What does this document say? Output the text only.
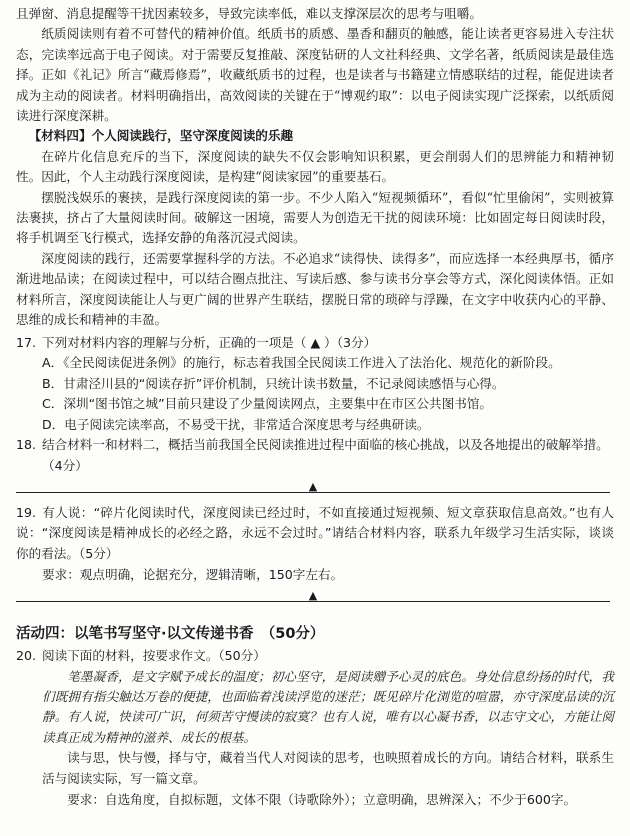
且弹窗、消息提醒等干扰因素较多，导致完读率低，难以支撑深层次的思考与咀嚼。

纸质阅读则有着不可替代的精神价值。纸质书的质感、墨香和翻页的触感，能让读者更容易进入专注状态，完读率远高于电子阅读。对于需要反复推敲、深度钻研的人文社科经典、文学名著，纸质阅读是最佳选择。正如《礼记》所言“藏焉修焉”，收藏纸质书的过程，也是读者与书籍建立情感联结的过程，能促进读者成为主动的阅读者。材料明确指出，高效阅读的关键在于“博观约取”：以电子阅读实现广泛探索，以纸质阅读进行深度深耕。

【材料四】个人阅读践行，坚守深度阅读的乐趣

在碎片化信息充斥的当下，深度阅读的缺失不仅会影响知识积累，更会削弱人们的思辨能力和精神韧性。因此，个人主动践行深度阅读，是构建“阅读家园”的重要基石。

摆脱浅娱乐的裹挟，是践行深度阅读的第一步。不少人陷入“短视频循环”，看似“忙里偷闲”，实则被算法裹挟，挤占了大量阅读时间。破解这一困境，需要人为创造无干扰的阅读环境：比如固定每日阅读时段，将手机调至飞行模式，选择安静的角落沉浸式阅读。

深度阅读的践行，还需要掌握科学的方法。不必追求“读得快、读得多”，而应选择一本经典厚书，循序渐进地品读；在阅读过程中，可以结合圈点批注、写读后感、参与读书分享会等方式，深化阅读体悟。正如材料所言，深度阅读能让人与更广阔的世界产生联结，摆脱日常的琐碎与浮躁，在文字中收获内心的平静、思维的成长和精神的丰盈。

17. 下列对材料内容的理解与分析，正确的一项是（ ▲ ）（3分）

A．《全民阅读促进条例》的施行，标志着我国全民阅读工作进入了法治化、规范化的新阶段。

B．甘肃泾川县的“阅读存折”评价机制，只统计读书数量，不记录阅读感悟与心得。

C．深圳“图书馆之城”目前只建设了少量阅读网点，主要集中在市区公共图书馆。

D．电子阅读完读率高，不易受干扰，非常适合深度思考与经典研读。

18. 结合材料一和材料二，概括当前我国全民阅读推进过程中面临的核心挑战，以及各地提出的破解举措。

（4分）

▲

19. 有人说：“碎片化阅读时代，深度阅读已经过时，不如直接通过短视频、短文章获取信息高效。”也有人说：“深度阅读是精神成长的必经之路，永远不会过时。”请结合材料内容，联系九年级学习生活实际，谈谈你的看法。（5分）

要求：观点明确，论据充分，逻辑清晰，150字左右。

▲

活动四：以笔书写坚守·以文传递书香　（50分）

20. 阅读下面的材料，按要求作文。（50分）

笔墨凝香，是文字赋予成长的温度；初心坚守，是阅读赠予心灵的底色。身处信息纷扬的时代，我们既拥有指尖触达万卷的便捷，也面临着浅读浮览的迷茫；既见碎片化浏览的喧嚣，亦守深度品读的沉静。有人说，快读可广识，何须苦守慢读的寂寞？也有人说，唯有以心凝书香，以志守文心，方能让阅读真正成为精神的滋养、成长的根基。

读与思，快与慢，择与守，藏着当代人对阅读的思考，也映照着成长的方向。请结合材料，联系生活与阅读实际，写一篇文章。

要求：自选角度，自拟标题，文体不限（诗歌除外）；立意明确，思辨深入；不少于600字。
